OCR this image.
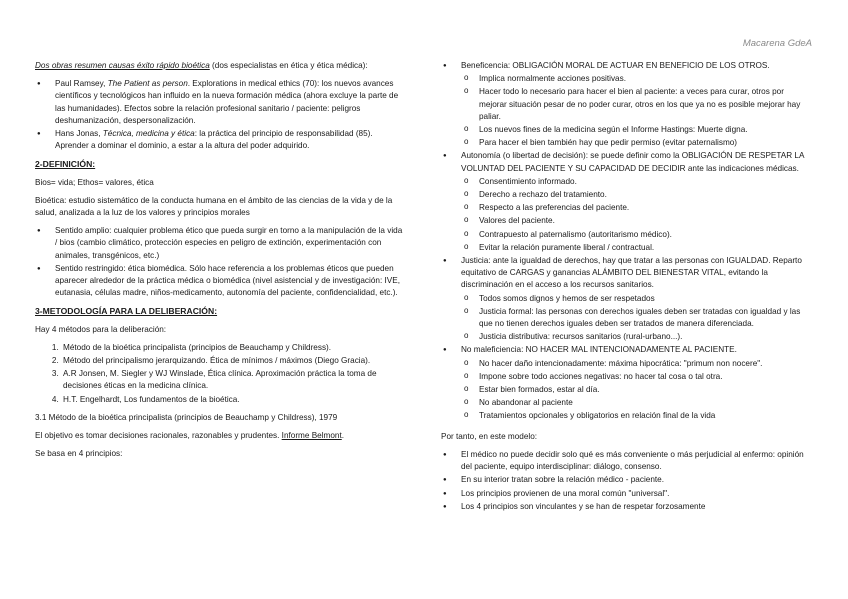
Macarena GdeA

Dos obras resumen causas éxito rápido bioética (dos especialistas en ética y ética médica):

● Paul Ramsey, The Patient as person. Explorations in medical ethics (70): los nuevos avances científicos y tecnológicos han influido en la nueva formación médica (ahora excluye la parte de las humanidades). Efectos sobre la relación profesional sanitario / paciente: peligros deshumanización, despersonalización.
● Hans Jonas, Técnica, medicina y ética: la práctica del principio de responsabilidad (85). Aprender a dominar el dominio, a estar a la altura del poder adquirido.
2-DEFINICIÓN:

Bios= vida; Ethos= valores, ética

Bioética: estudio sistemático de la conducta humana en el ámbito de las ciencias de la vida y de la salud, analizada a la luz de los valores y principios morales

● Sentido amplio: cualquier problema ético que pueda surgir en torno a la manipulación de la vida / bios (cambio climático, protección especies en peligro de extinción, experimentación con animales, transgénicos, etc.)
● Sentido restringido: ética biomédica. Sólo hace referencia a los problemas éticos que pueden aparecer alrededor de la práctica médica o biomédica (nivel asistencial y de investigación: IVE, eutanasia, células madre, niños-medicamento, autonomía del paciente, confidencialidad, etc.).
3-METODOLOGÍA PARA LA DELIBERACIÓN:

Hay 4 métodos para la deliberación:

1. Método de la bioética principalista (principios de Beauchamp y Childress).
2. Método del principalismo jerarquizando. Ética de mínimos / máximos (Diego Gracia).
3. A.R Jonsen, M. Siegler y WJ Winslade, Ética clínica. Aproximación práctica la toma de decisiones éticas en la medicina clínica.
4. H.T. Engelhardt, Los fundamentos de la bioética.

3.1 Método de la bioética principalista (principios de Beauchamp y Childress), 1979

El objetivo es tomar decisiones racionales, razonables y prudentes. Informe Belmont.

Se basa en 4 principios:

● Beneficencia: OBLIGACIÓN MORAL DE ACTUAR EN BENEFICIO DE LOS OTROS.
o Implica normalmente acciones positivas.
o Hacer todo lo necesario para hacer el bien al paciente: a veces para curar, otros por mejorar situación pesar de no poder curar, otros en los que ya no es posible mejorar hay paliar.
o Los nuevos fines de la medicina según el Informe Hastings: Muerte digna.
o Para hacer el bien también hay que pedir permiso (evitar paternalismo)
● Autonomía (o libertad de decisión): se puede definir como la OBLIGACIÓN DE RESPETAR LA VOLUNTAD DEL PACIENTE Y SU CAPACIDAD DE DECIDIR ante las indicaciones médicas.
o Consentimiento informado.
o Derecho a rechazo del tratamiento.
o Respecto a las preferencias del paciente.
o Valores del paciente.
o Contrapuesto al paternalismo (autoritarismo médico).
o Evitar la relación puramente liberal / contractual.
● Justicia: ante la igualdad de derechos, hay que tratar a las personas con IGUALDAD. Reparto equitativo de CARGAS y ganancias ALÁMBITO DEL BIENESTAR VITAL, evitando la discriminación en el acceso a los recursos sanitarios.
o Todos somos dignos y hemos de ser respetados
o Justicia formal: las personas con derechos iguales deben ser tratadas con igualdad y las que no tienen derechos iguales deben ser tratados de manera diferenciada.
o Justicia distributiva: recursos sanitarios (rural-urbano...).
● No maleficiencia: NO HACER MAL INTENCIONADAMENTE AL PACIENTE.
o No hacer daño intencionadamente: máxima hipocrática: "primum non nocere".
o Impone sobre todo acciones negativas: no hacer tal cosa o tal otra.
o Estar bien formados, estar al día.
o No abandonar al paciente
o Tratamientos opcionales y obligatorios en relación final de la vida

Por tanto, en este modelo:

● El médico no puede decidir solo qué es más conveniente o más perjudicial al enfermo: opinión del paciente, equipo interdisciplinar: diálogo, consenso.
● En su interior tratan sobre la relación médico - paciente.
● Los principios provienen de una moral común "universal".
● Los 4 principios son vinculantes y se han de respetar forzosamente
